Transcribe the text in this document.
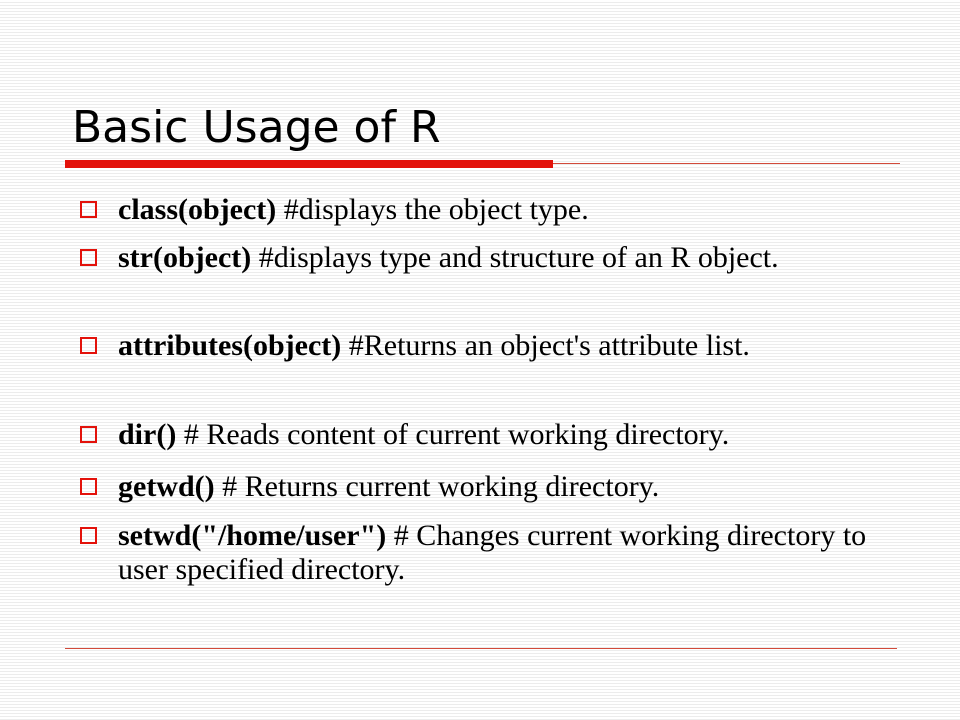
Basic Usage of R
class(object) #displays the object type.
str(object) #displays type and structure of an R object.
attributes(object) #Returns an object's attribute list.
dir() # Reads content of current working directory.
getwd() # Returns current working directory.
setwd("/home/user") # Changes current working directory to user specified directory.
